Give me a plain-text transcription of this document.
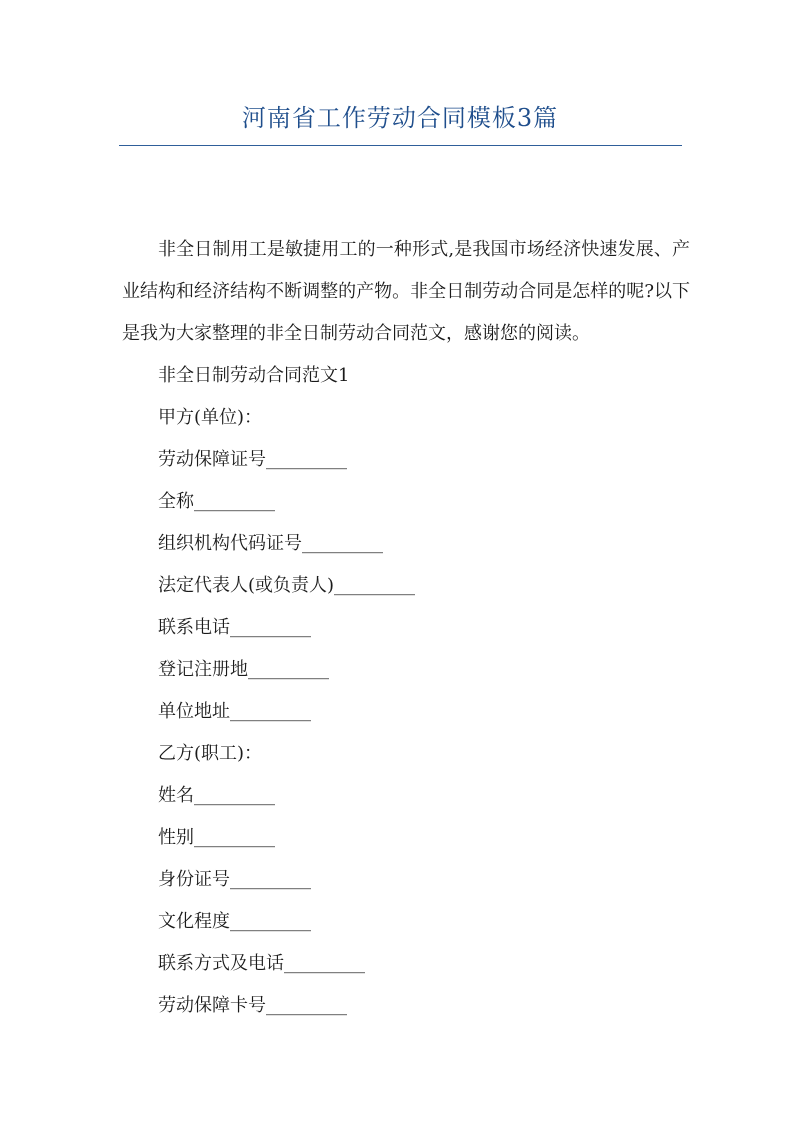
河南省工作劳动合同模板3篇

非全日制用工是敏捷用工的一种形式,是我国市场经济快速发展、产业结构和经济结构不断调整的产物。非全日制劳动合同是怎样的呢?以下是我为大家整理的非全日制劳动合同范文，感谢您的阅读。

非全日制劳动合同范文1

甲方(单位)：

劳动保障证号_________

全称_________

组织机构代码证号_________

法定代表人(或负责人)_________

联系电话_________

登记注册地_________

单位地址_________

乙方(职工)：

姓名_________

性别_________

身份证号_________

文化程度_________

联系方式及电话_________

劳动保障卡号_________
